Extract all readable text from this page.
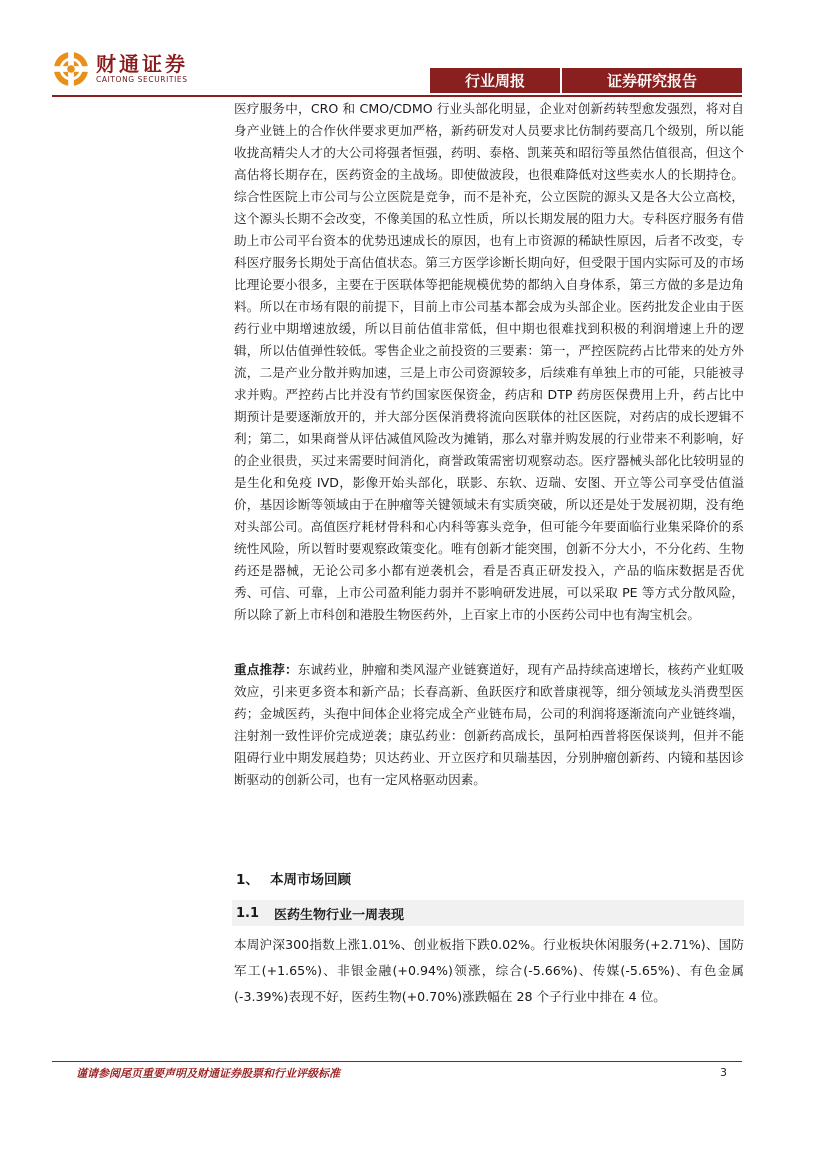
财通证券
CAITONG SECURITIES	行业周报	证券研究报告
医疗服务中，CRO 和 CMO/CDMO 行业头部化明显，企业对创新药转型愈发强烈，将对自身产业链上的合作伙伴要求更加严格，新药研发对人员要求比仿制药要高几个级别，所以能收拢高精尖人才的大公司将强者恒强，药明、泰格、凯莱英和昭衍等虽然估值很高，但这个高估将长期存在，医药资金的主战场。即使做波段，也很难降低对这些卖水人的长期持仓。综合性医院上市公司与公立医院是竞争，而不是补充，公立医院的源头又是各大公立高校，这个源头长期不会改变，不像美国的私立性质，所以长期发展的阻力大。专科医疗服务有借助上市公司平台资本的优势迅速成长的原因，也有上市资源的稀缺性原因，后者不改变，专科医疗服务长期处于高估值状态。第三方医学诊断长期向好，但受限于国内实际可及的市场比理论要小很多，主要在于医联体等把能规模优势的都纳入自身体系，第三方做的多是边角料。所以在市场有限的前提下，目前上市公司基本都会成为头部企业。医药批发企业由于医药行业中期增速放缓，所以目前估值非常低，但中期也很难找到积极的利润增速上升的逻辑，所以估值弹性较低。零售企业之前投资的三要素：第一，严控医院药占比带来的处方外流，二是产业分散并购加速，三是上市公司资源较多，后续难有单独上市的可能，只能被寻求并购。严控药占比并没有节约国家医保资金，药店和 DTP 药房医保费用上升，药占比中期预计是要逐渐放开的，并大部分医保消费将流向医联体的社区医院，对药店的成长逻辑不利；第二，如果商誉从评估减值风险改为摊销，那么对靠并购发展的行业带来不利影响，好的企业很贵，买过来需要时间消化，商誉政策需密切观察动态。医疗器械头部化比较明显的是生化和免疫 IVD，影像开始头部化，联影、东软、迈瑞、安图、开立等公司享受估值溢价，基因诊断等领域由于在肿瘤等关键领域未有实质突破，所以还是处于发展初期，没有绝对头部公司。高值医疗耗材骨科和心内科等寡头竞争，但可能今年要面临行业集采降价的系统性风险，所以暂时要观察政策变化。唯有创新才能突围，创新不分大小，不分化药、生物药还是器械，无论公司多小都有逆袭机会，看是否真正研发投入，产品的临床数据是否优秀、可信、可靠，上市公司盈利能力弱并不影响研发进展，可以采取 PE 等方式分散风险，所以除了新上市科创和港股生物医药外，上百家上市的小医药公司中也有淘宝机会。
重点推荐：东诚药业，肿瘤和类风湿产业链赛道好，现有产品持续高速增长，核药产业虹吸效应，引来更多资本和新产品；长春高新、鱼跃医疗和欧普康视等，细分领域龙头消费型医药；金城医药，头孢中间体企业将完成全产业链布局，公司的利润将逐渐流向产业链终端，注射剂一致性评价完成逆袭；康弘药业：创新药高成长，虽阿柏西普将医保谈判，但并不能阻碍行业中期发展趋势；贝达药业、开立医疗和贝瑞基因，分别肿瘤创新药、内镜和基因诊断驱动的创新公司，也有一定风格驱动因素。
1、 本周市场回顾
1.1	医药生物行业一周表现
本周沪深300指数上涨1.01%、创业板指下跌0.02%。行业板块休闲服务(+2.71%)、国防军工(+1.65%)、非银金融(+0.94%)领涨，综合(-5.66%)、传媒(-5.65%)、有色金属(-3.39%)表现不好，医药生物(+0.70%)涨跌幅在 28 个子行业中排在 4 位。
谨请参阅尾页重要声明及财通证券股票和行业评级标准	3
